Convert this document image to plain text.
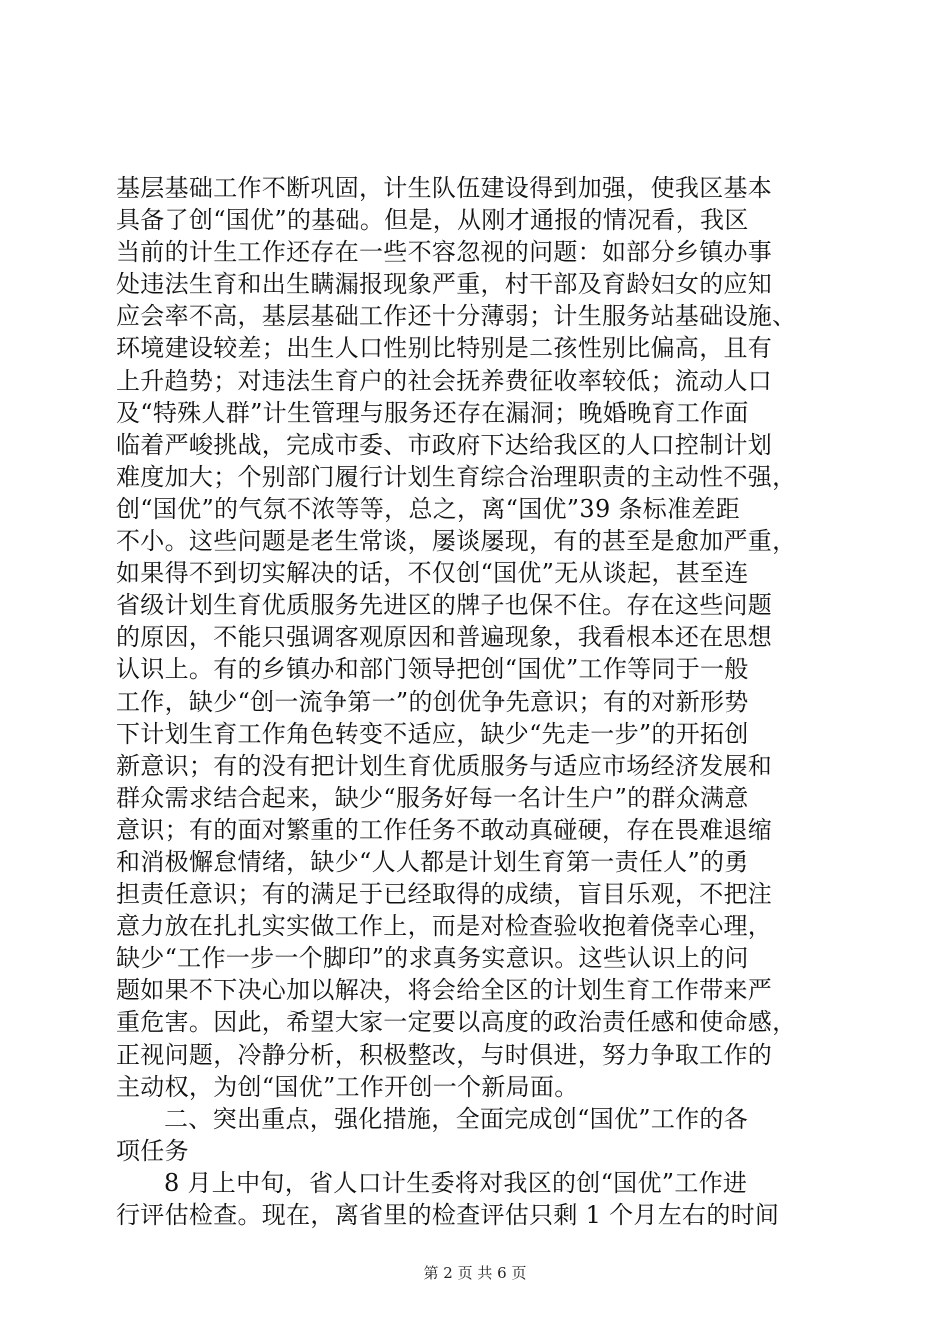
基层基础工作不断巩固，计生队伍建设得到加强，使我区基本
具备了创“国优”的基础。但是，从刚才通报的情况看，我区
当前的计生工作还存在一些不容忽视的问题：如部分乡镇办事
处违法生育和出生瞒漏报现象严重，村干部及育龄妇女的应知
应会率不高，基层基础工作还十分薄弱；计生服务站基础设施、
环境建设较差；出生人口性别比特别是二孩性别比偏高，且有
上升趋势；对违法生育户的社会抚养费征收率较低；流动人口
及“特殊人群”计生管理与服务还存在漏洞；晚婚晚育工作面
临着严峻挑战，完成市委、市政府下达给我区的人口控制计划
难度加大；个别部门履行计划生育综合治理职责的主动性不强，
创“国优”的气氛不浓等等，总之，离“国优”39 条标准差距
不小。这些问题是老生常谈，屡谈屡现，有的甚至是愈加严重，
如果得不到切实解决的话，不仅创“国优”无从谈起，甚至连
省级计划生育优质服务先进区的牌子也保不住。存在这些问题
的原因，不能只强调客观原因和普遍现象，我看根本还在思想
认识上。有的乡镇办和部门领导把创“国优”工作等同于一般
工作，缺少“创一流争第一”的创优争先意识；有的对新形势
下计划生育工作角色转变不适应，缺少“先走一步”的开拓创
新意识；有的没有把计划生育优质服务与适应市场经济发展和
群众需求结合起来，缺少“服务好每一名计生户”的群众满意
意识；有的面对繁重的工作任务不敢动真碰硬，存在畏难退缩
和消极懈怠情绪，缺少“人人都是计划生育第一责任人”的勇
担责任意识；有的满足于已经取得的成绩，盲目乐观，不把注
意力放在扎扎实实做工作上，而是对检查验收抱着侥幸心理，
缺少“工作一步一个脚印”的求真务实意识。这些认识上的问
题如果不下决心加以解决，将会给全区的计划生育工作带来严
重危害。因此，希望大家一定要以高度的政治责任感和使命感，
正视问题，冷静分析，积极整改，与时俱进，努力争取工作的
主动权，为创“国优”工作开创一个新局面。
二、突出重点，强化措施，全面完成创“国优”工作的各
项任务
8 月上中旬，省人口计生委将对我区的创“国优”工作进
行评估检查。现在，离省里的检查评估只剩 1 个月左右的时间
第 2 页 共 6 页
